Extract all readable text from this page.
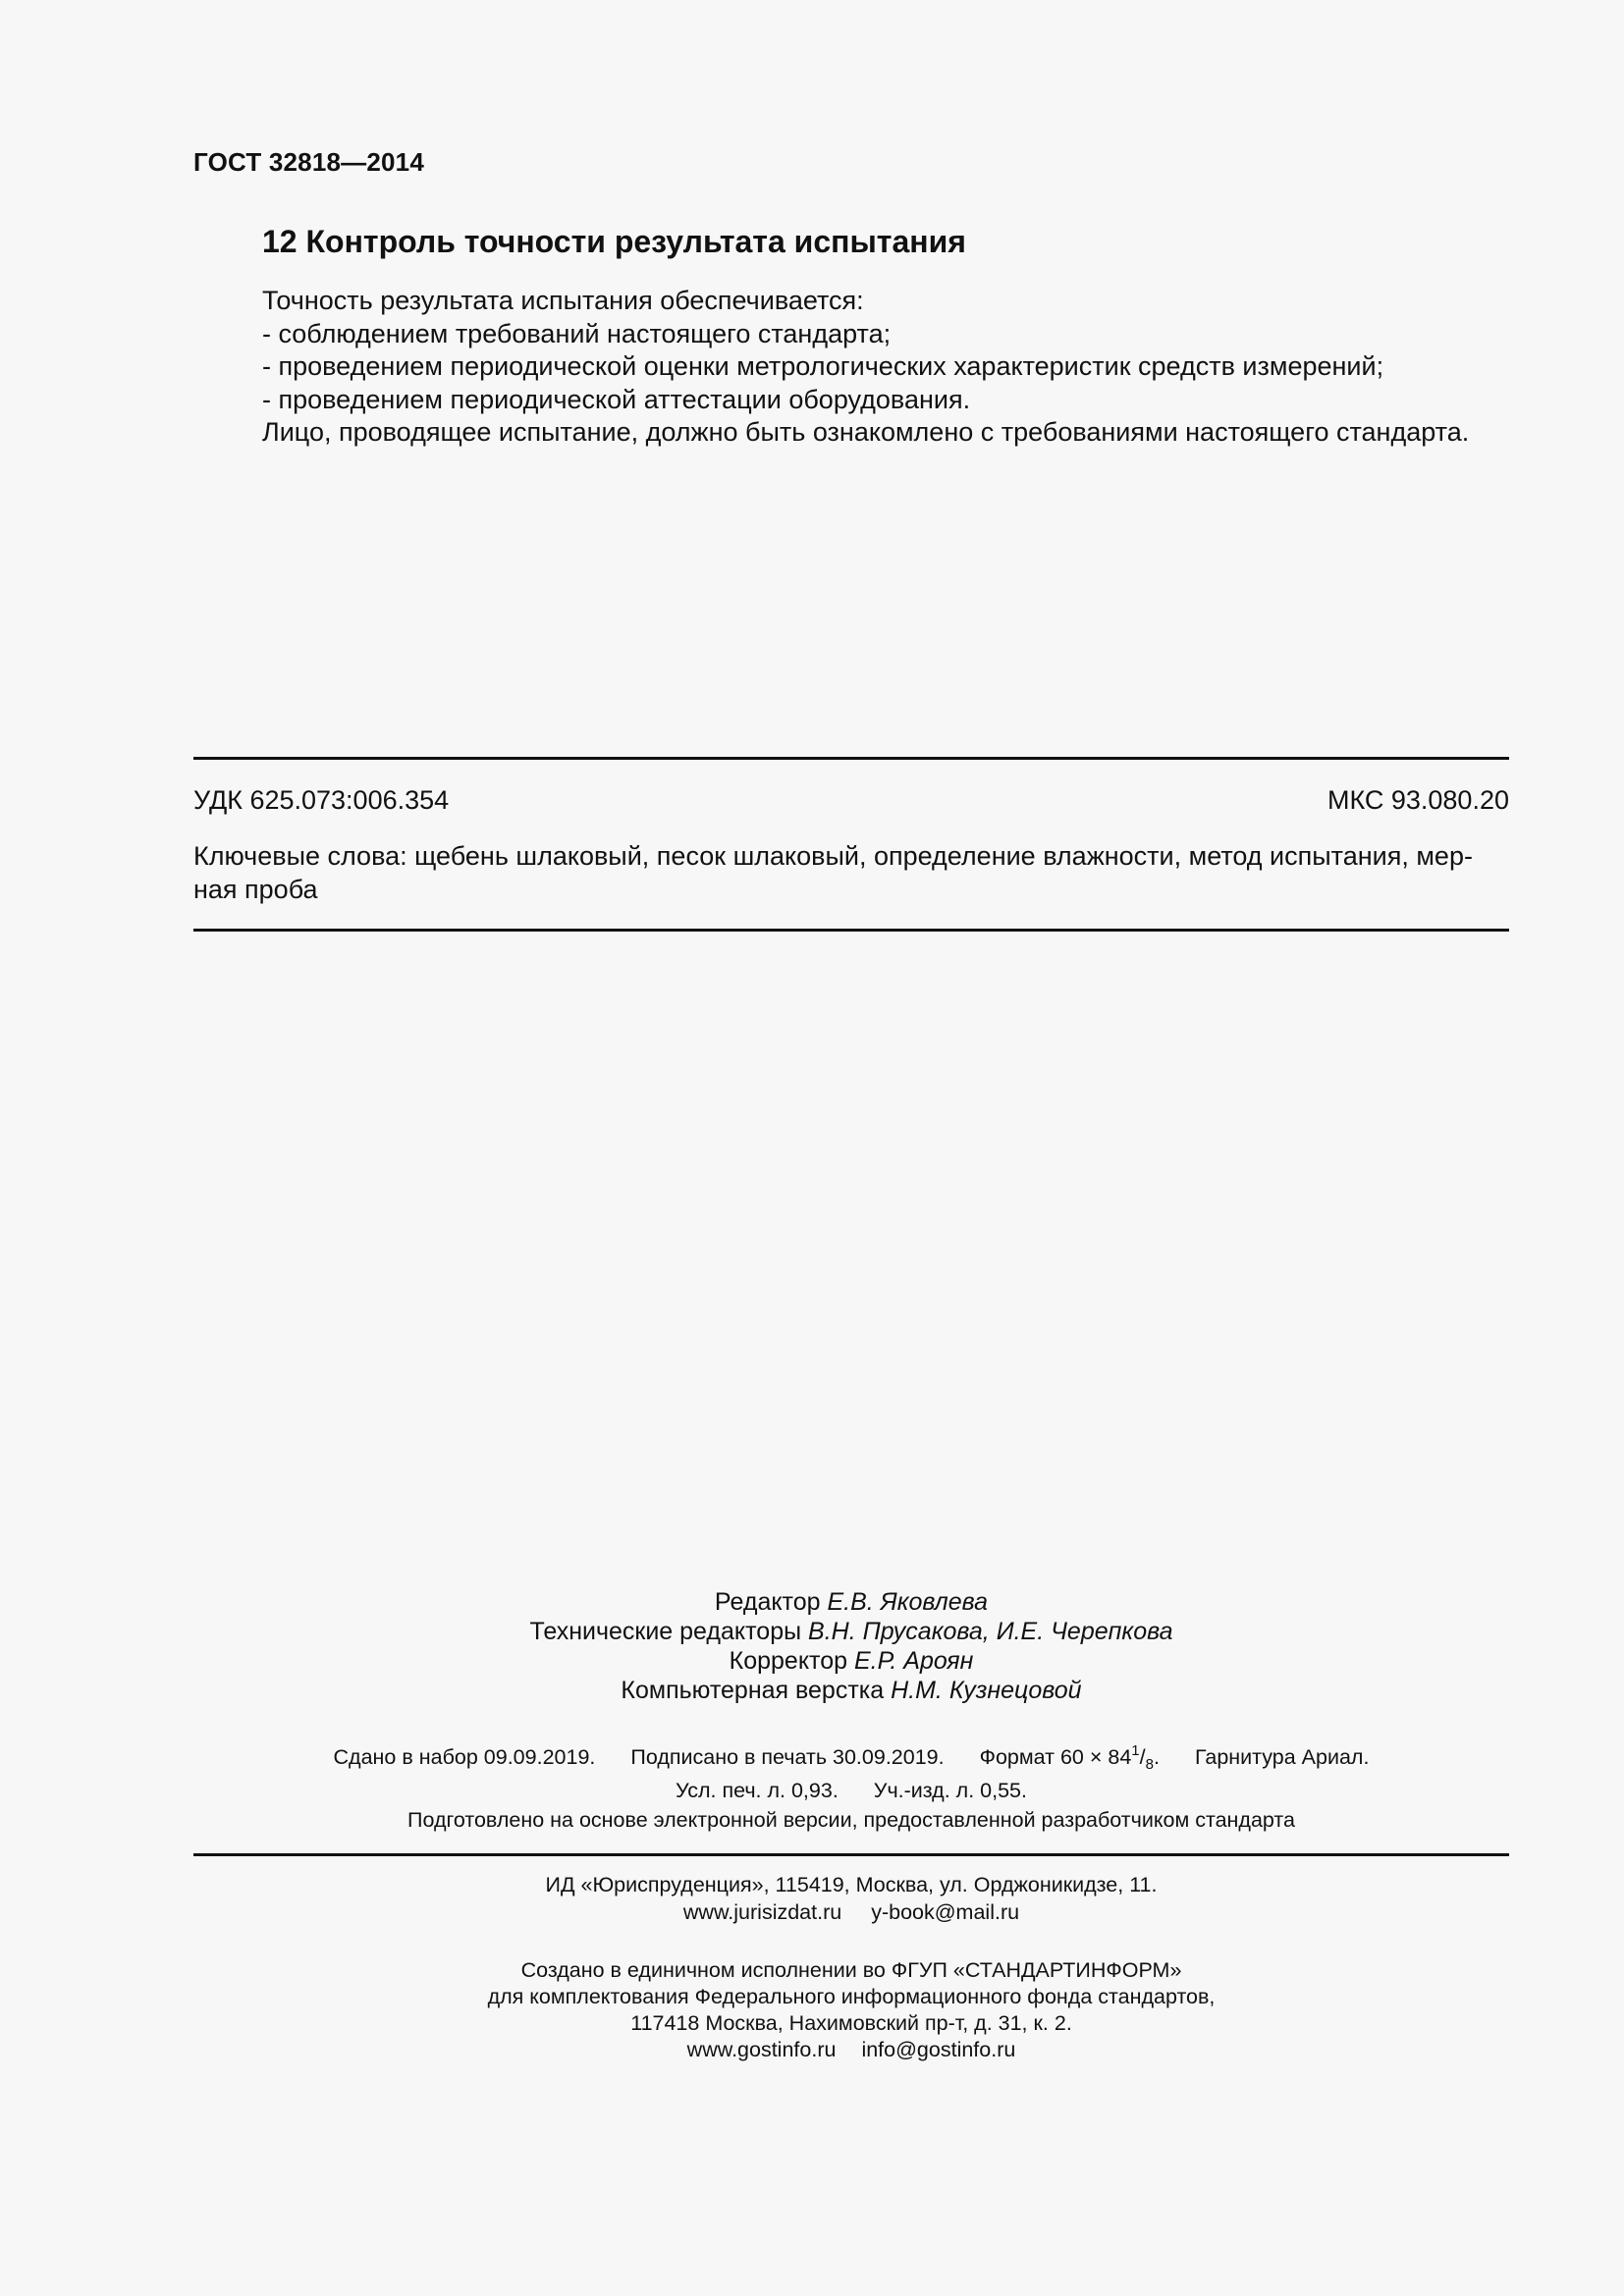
ГОСТ 32818—2014
12 Контроль точности результата испытания
Точность результата испытания обеспечивается:
- соблюдением требований настоящего стандарта;
- проведением периодической оценки метрологических характеристик средств измерений;
- проведением периодической аттестации оборудования.
Лицо, проводящее испытание, должно быть ознакомлено с требованиями настоящего стандарта.
УДК 625.073:006.354	МКС 93.080.20
Ключевые слова: щебень шлаковый, песок шлаковый, определение влажности, метод испытания, мер-
ная проба
Редактор Е.В. Яковлева
Технические редакторы В.Н. Прусакова, И.Е. Черепкова
Корректор Е.Р. Ароян
Компьютерная верстка Н.М. Кузнецовой
Сдано в набор 09.09.2019. Подписано в печать 30.09.2019. Формат $60 \times 84^1/_8$. Гарнитура Ариал.
Усл. печ. л. 0,93. Уч.-изд. л. 0,55.
Подготовлено на основе электронной версии, предоставленной разработчиком стандарта
ИД «Юриспруденция», 115419, Москва, ул. Орджоникидзе, 11.
www.jurisizdat.ru y-book@mail.ru
Создано в единичном исполнении во ФГУП «СТАНДАРТИНФОРМ»
для комплектования Федерального информационного фонда стандартов,
117418 Москва, Нахимовский пр-т, д. 31, к. 2.
www.gostinfo.ru info@gostinfo.ru
